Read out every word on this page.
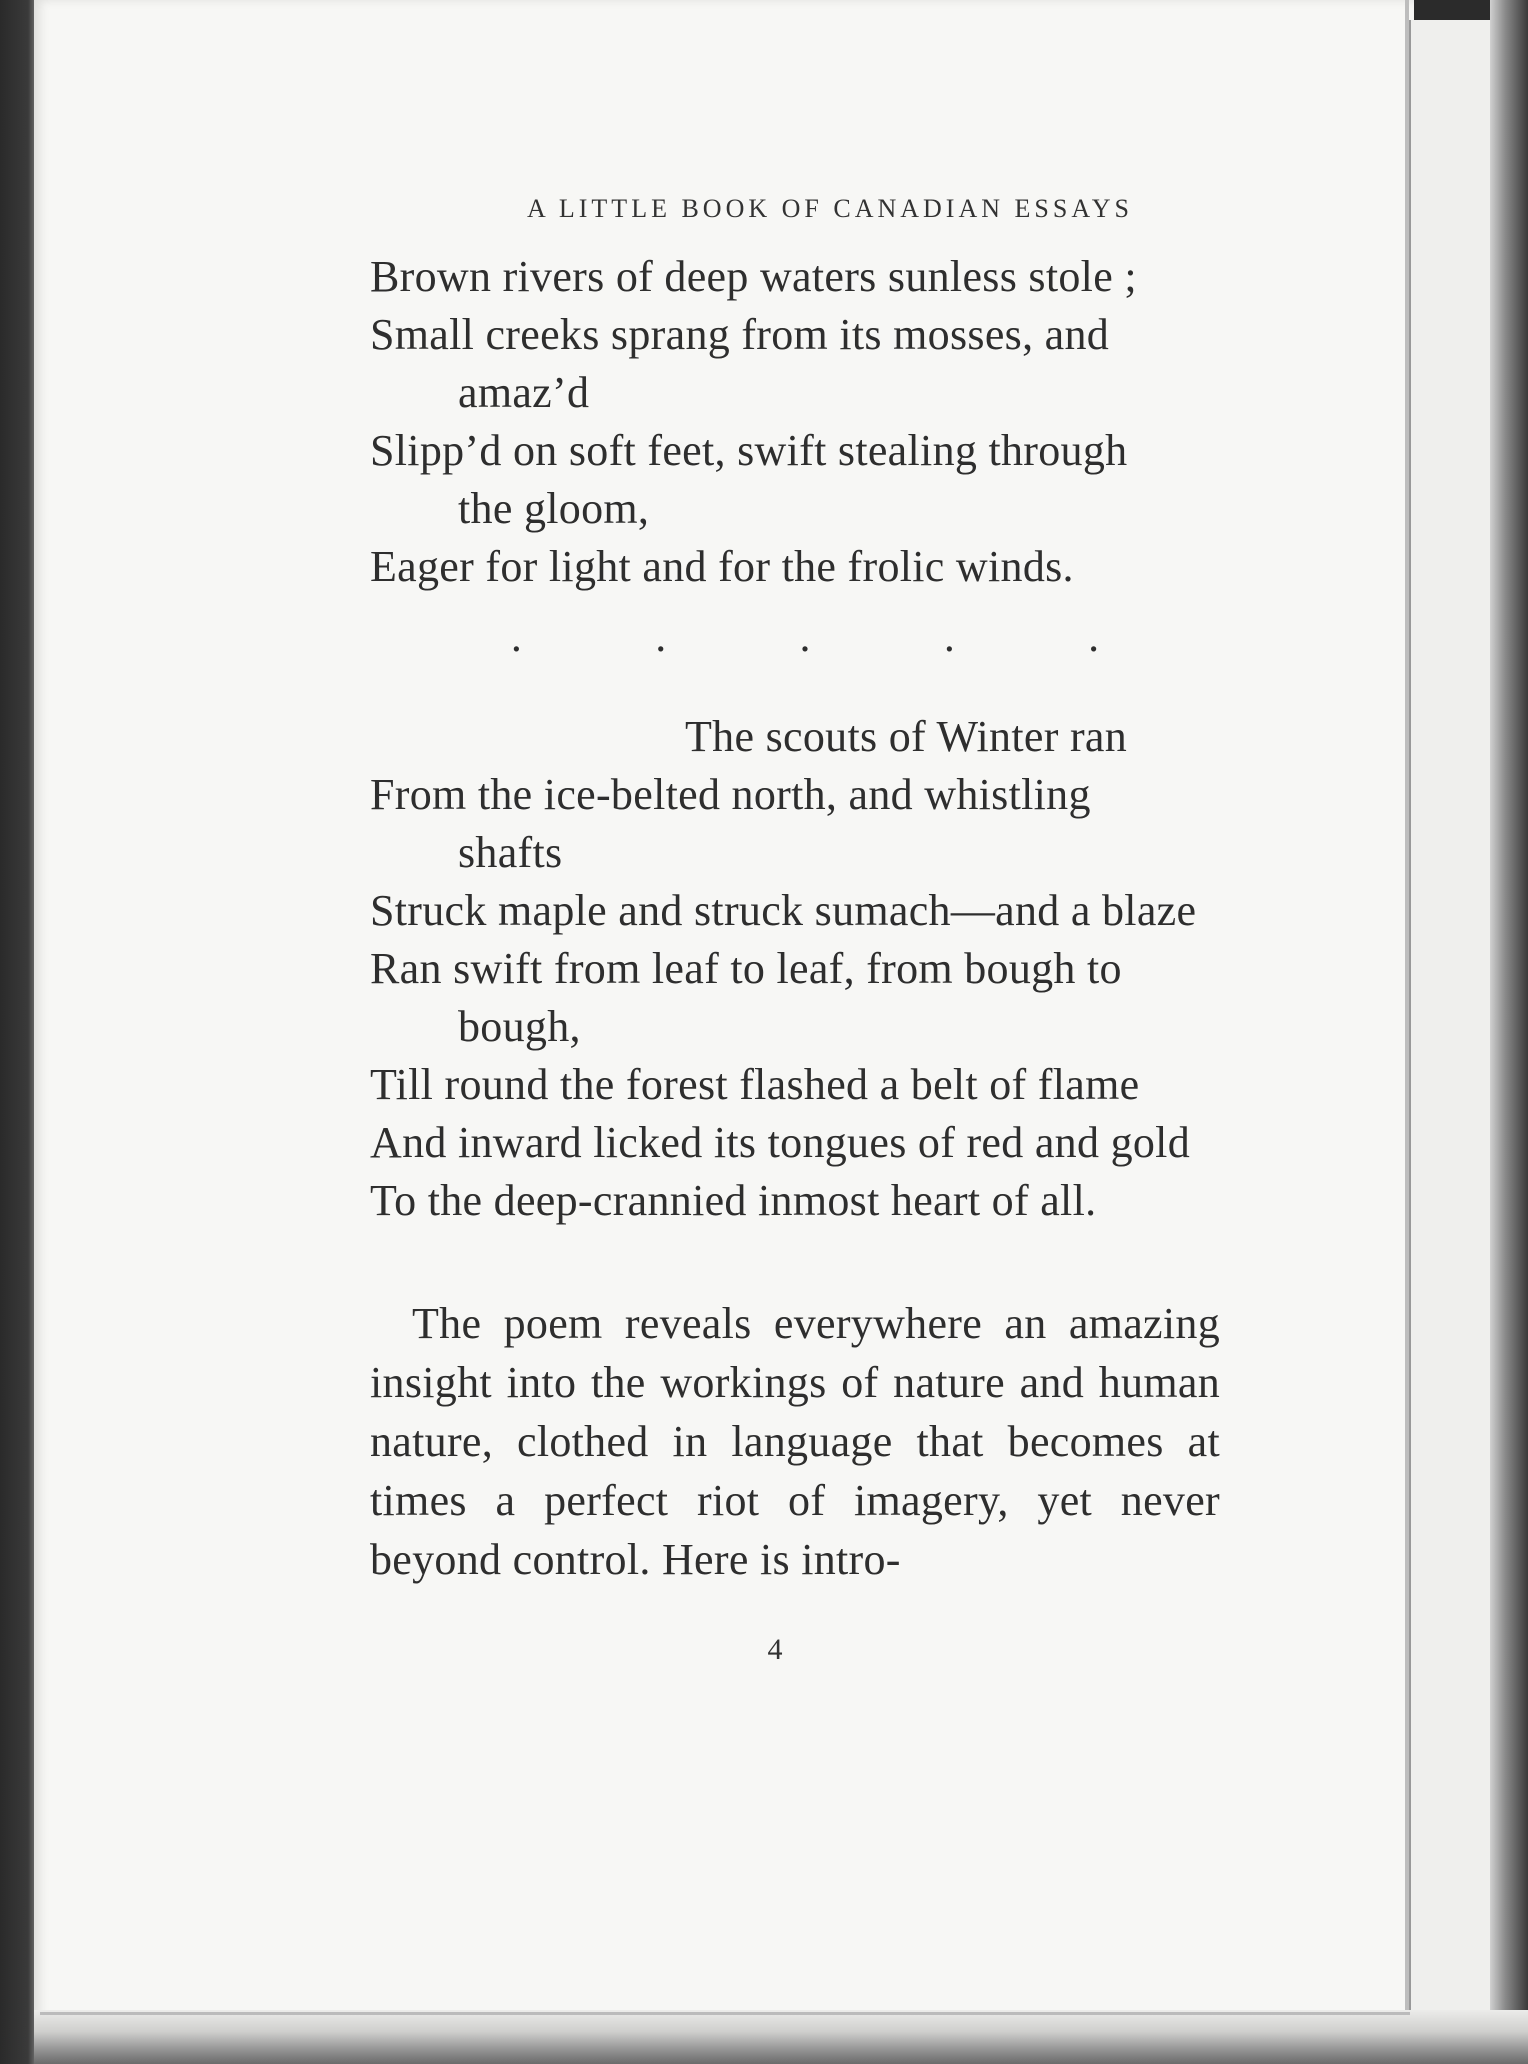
A LITTLE BOOK OF CANADIAN ESSAYS
Brown rivers of deep waters sunless stole ;
Small creeks sprang from its mosses, and
amaz’d
Slipp’d on soft feet, swift stealing through
the gloom,
Eager for light and for the frolic winds.
.	.	.	.	.
The scouts of Winter ran
From the ice-belted north, and whistling
shafts
Struck maple and struck sumach—and a blaze
Ran swift from leaf to leaf, from bough to
bough,
Till round the forest flashed a belt of flame
And inward licked its tongues of red and gold
To the deep-crannied inmost heart of all.

The poem reveals everywhere an amazing insight into the workings of nature and human nature, clothed in language that becomes at times a perfect riot of imagery, yet never beyond control. Here is intro-

4
